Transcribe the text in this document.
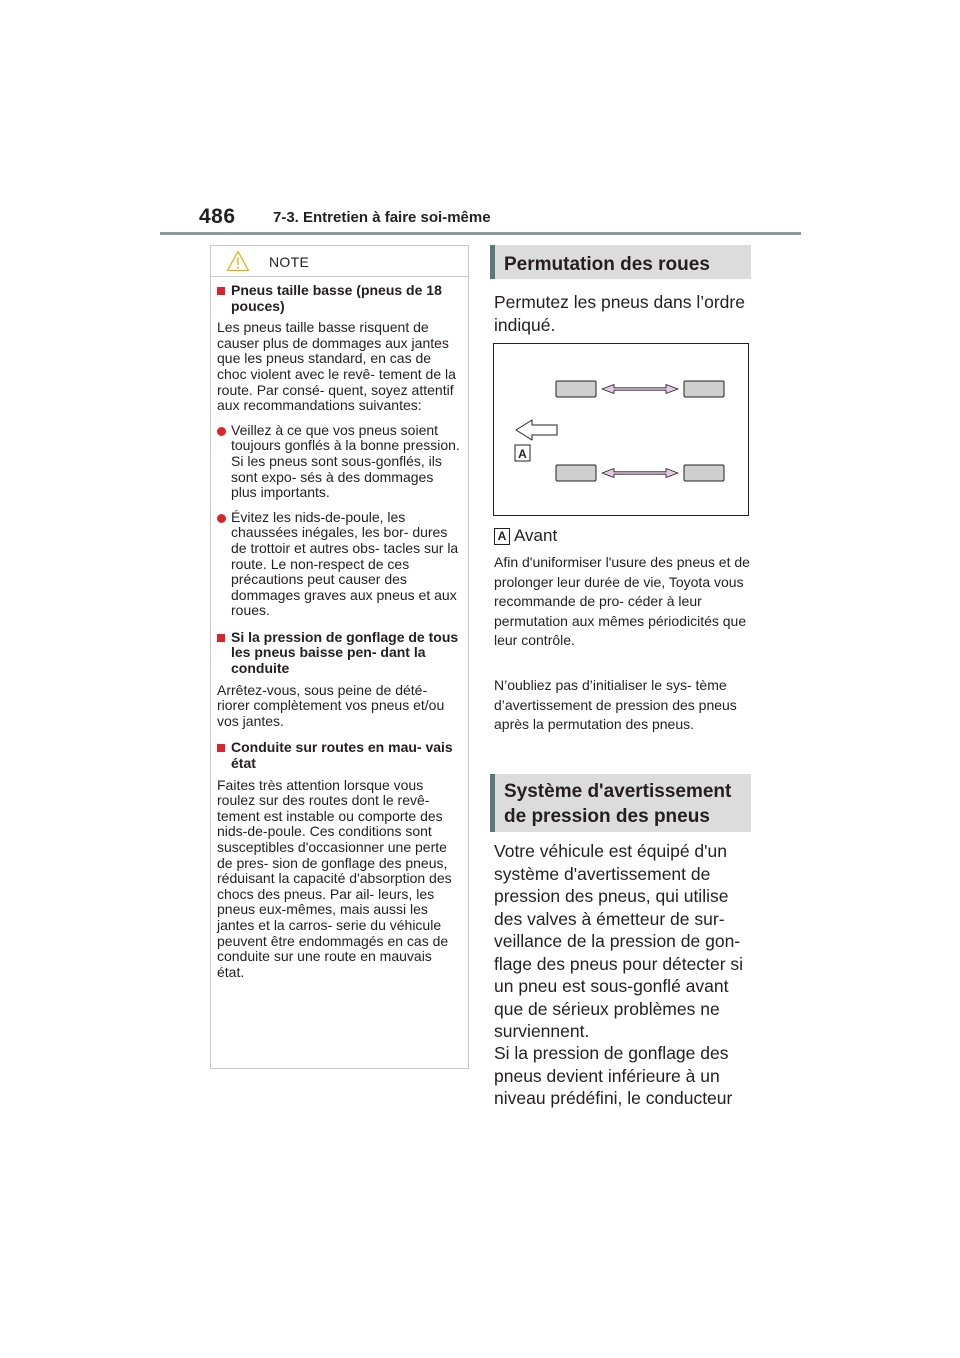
486 7-3. Entretien à faire soi-même
NOTE
Pneus taille basse (pneus de 18 pouces)
Les pneus taille basse risquent de causer plus de dommages aux jantes que les pneus standard, en cas de choc violent avec le revê- tement de la route. Par consé- quent, soyez attentif aux recommandations suivantes:
Veillez à ce que vos pneus soient toujours gonflés à la bonne pression. Si les pneus sont sous-gonflés, ils sont expo- sés à des dommages plus importants.
Évitez les nids-de-poule, les chaussées inégales, les bor- dures de trottoir et autres obs- tacles sur la route. Le non-respect de ces précautions peut causer des dommages graves aux pneus et aux roues.
Si la pression de gonflage de tous les pneus baisse pen- dant la conduite
Arrêtez-vous, sous peine de dété- riorer complètement vos pneus et/ou vos jantes.
Conduite sur routes en mau- vais état
Faites très attention lorsque vous roulez sur des routes dont le revê- tement est instable ou comporte des nids-de-poule. Ces conditions sont susceptibles d'occasionner une perte de pres- sion de gonflage des pneus, réduisant la capacité d'absorption des chocs des pneus. Par ail- leurs, les pneus eux-mêmes, mais aussi les jantes et la carros- serie du véhicule peuvent être endommagés en cas de conduite sur une route en mauvais état.
Permutation des roues
Permutez les pneus dans l’ordre indiqué.
A
A Avant
Afin d'uniformiser l'usure des pneus et de prolonger leur durée de vie, Toyota vous recommande de pro- céder à leur permutation aux mêmes périodicités que leur contrôle.
N’oubliez pas d’initialiser le sys- tème d’avertissement de pression des pneus après la permutation des pneus.
Système d'avertissement
de pression des pneus
Votre véhicule est équipé d'un système d'avertissement de pression des pneus, qui utilise des valves à émetteur de sur- veillance de la pression de gon- flage des pneus pour détecter si un pneu est sous-gonflé avant que de sérieux problèmes ne surviennent.
Si la pression de gonflage des pneus devient inférieure à un niveau prédéfini, le conducteur
